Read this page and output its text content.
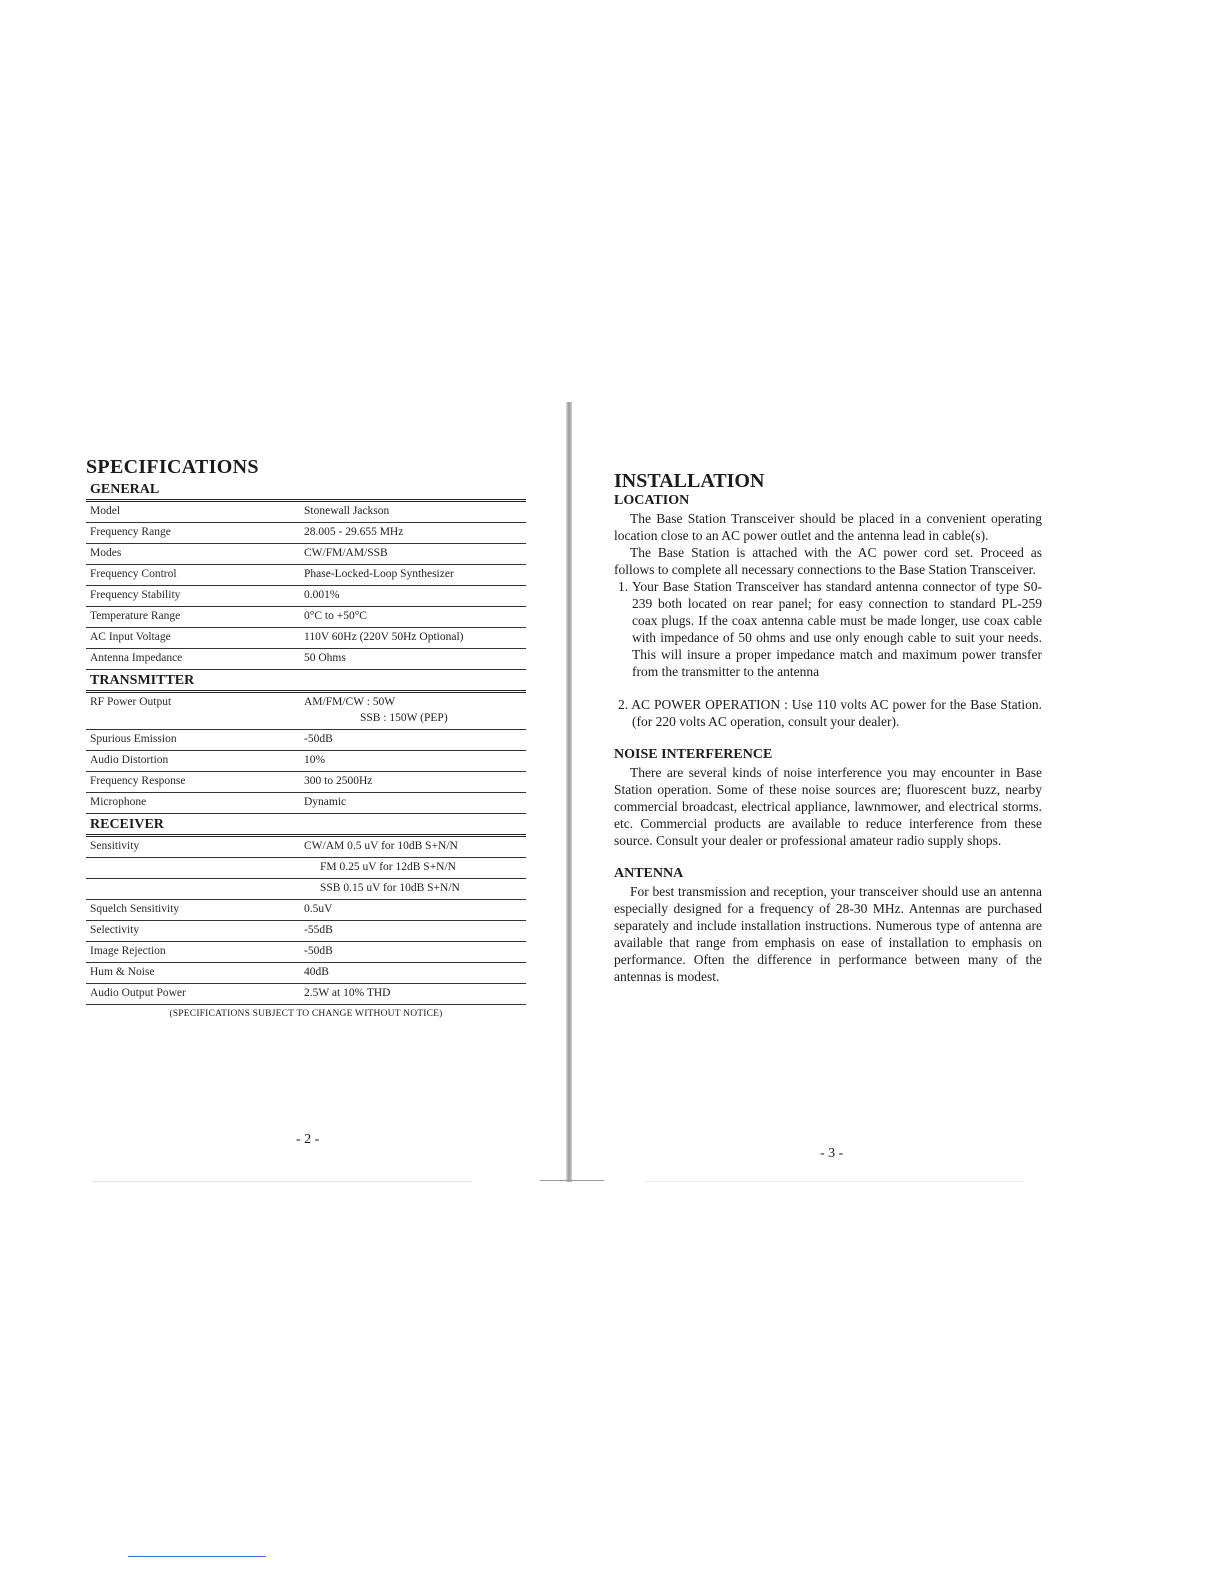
SPECIFICATIONS
GENERAL
Model	Stonewall Jackson
Frequency Range	28.005 - 29.655 MHz
Modes	CW/FM/AM/SSB
Frequency Control	Phase-Locked-Loop Synthesizer
Frequency Stability	0.001%
Temperature Range	0°C to +50°C
AC Input Voltage	110V 60Hz (220V 50Hz Optional)
Antenna Impedance	50 Ohms
TRANSMITTER
RF Power Output	AM/FM/CW : 50W
SSB : 150W (PEP)
Spurious Emission	-50dB
Audio Distortion	10%
Frequency Response	300 to 2500Hz
Microphone	Dynamic
RECEIVER
Sensitivity	CW/AM 0.5 uV for 10dB S+N/N
FM 0.25 uV for 12dB S+N/N
SSB 0.15 uV for 10dB S+N/N
Squelch Sensitivity	0.5uV
Selectivity	-55dB
Image Rejection	-50dB
Hum & Noise	40dB
Audio Output Power	2.5W at 10% THD
(SPECIFICATIONS SUBJECT TO CHANGE WITHOUT NOTICE)
- 2 -
INSTALLATION
LOCATION

The Base Station Transceiver should be placed in a convenient operating location close to an AC power outlet and the antenna lead in cable(s).

The Base Station is attached with the AC power cord set. Proceed as follows to complete all necessary connections to the Base Station Transceiver.

1. Your Base Station Transceiver has standard antenna connector of type S0-239 both located on rear panel; for easy connection to standard PL-259 coax plugs. If the coax antenna cable must be made longer, use coax cable with impedance of 50 ohms and use only enough cable to suit your needs. This will insure a proper impedance match and maximum power transfer from the transmitter to the antenna

2. AC POWER OPERATION : Use 110 volts AC power for the Base Station. (for 220 volts AC operation, consult your dealer).

NOISE INTERFERENCE

There are several kinds of noise interference you may encounter in Base Station operation. Some of these noise sources are; fluorescent buzz, nearby commercial broadcast, electrical appliance, lawnmower, and electrical storms. etc. Commercial products are available to reduce interference from these source. Consult your dealer or professional amateur radio supply shops.

ANTENNA

For best transmission and reception, your transceiver should use an antenna especially designed for a frequency of 28-30 MHz. Antennas are purchased separately and include installation instructions. Numerous type of antenna are available that range from emphasis on ease of installation to emphasis on performance. Often the difference in performance between many of the antennas is modest.

- 3 -
